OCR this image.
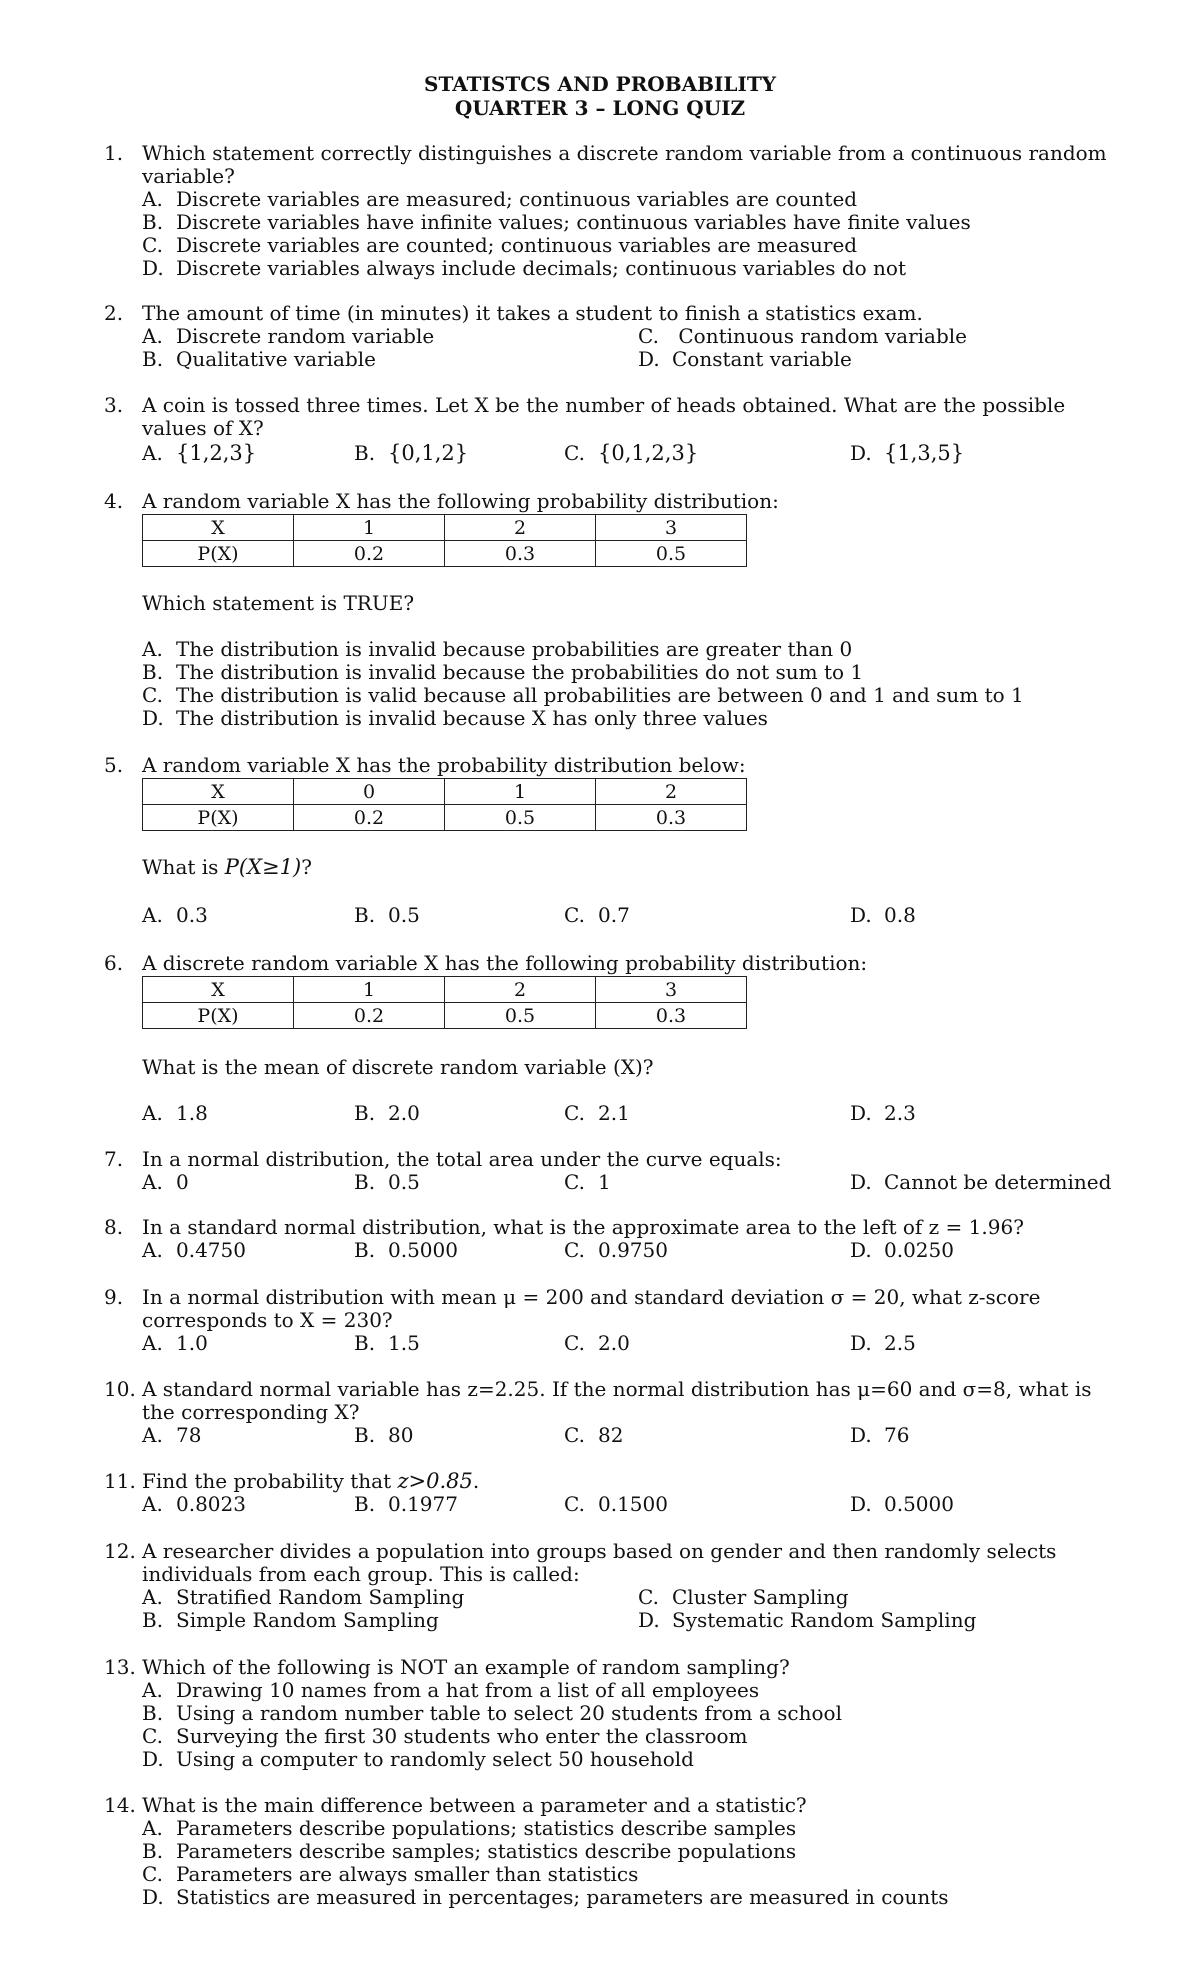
STATISTCS AND PROBABILITY
QUARTER 3 – LONG QUIZ
1. Which statement correctly distinguishes a discrete random variable from a continuous random variable?
A. Discrete variables are measured; continuous variables are counted
B. Discrete variables have infinite values; continuous variables have finite values
C. Discrete variables are counted; continuous variables are measured
D. Discrete variables always include decimals; continuous variables do not
2. The amount of time (in minutes) it takes a student to finish a statistics exam.
A. Discrete random variable	C. Continuous random variable
B. Qualitative variable	D. Constant variable
3. A coin is tossed three times. Let X be the number of heads obtained. What are the possible values of X?
A. {1,2,3}	B. {0,1,2}	C. {0,1,2,3}	D. {1,3,5}
4. A random variable X has the following probability distribution:
X	1	2	3
P(X)	0.2	0.3	0.5
Which statement is TRUE?
A. The distribution is invalid because probabilities are greater than 0
B. The distribution is invalid because the probabilities do not sum to 1
C. The distribution is valid because all probabilities are between 0 and 1 and sum to 1
D. The distribution is invalid because X has only three values
5. A random variable X has the probability distribution below:
X	0	1	2
P(X)	0.2	0.5	0.3
What is P(X≥1)?
A. 0.3	B. 0.5	C. 0.7	D. 0.8
6. A discrete random variable X has the following probability distribution:
X	1	2	3
P(X)	0.2	0.5	0.3
What is the mean of discrete random variable (X)?
A. 1.8	B. 2.0	C. 2.1	D. 2.3
7. In a normal distribution, the total area under the curve equals:
A. 0	B. 0.5	C. 1	D. Cannot be determined
8. In a standard normal distribution, what is the approximate area to the left of z = 1.96?
A. 0.4750	B. 0.5000	C. 0.9750	D. 0.0250
9. In a normal distribution with mean μ = 200 and standard deviation σ = 20, what z-score corresponds to X = 230?
A. 1.0	B. 1.5	C. 2.0	D. 2.5
10. A standard normal variable has z=2.25. If the normal distribution has μ=60 and σ=8, what is the corresponding X?
A. 78	B. 80	C. 82	D. 76
11. Find the probability that z>0.85.
A. 0.8023	B. 0.1977	C. 0.1500	D. 0.5000
12. A researcher divides a population into groups based on gender and then randomly selects individuals from each group. This is called:
A. Stratified Random Sampling	C. Cluster Sampling
B. Simple Random Sampling	D. Systematic Random Sampling
13. Which of the following is NOT an example of random sampling?
A. Drawing 10 names from a hat from a list of all employees
B. Using a random number table to select 20 students from a school
C. Surveying the first 30 students who enter the classroom
D. Using a computer to randomly select 50 household
14. What is the main difference between a parameter and a statistic?
A. Parameters describe populations; statistics describe samples
B. Parameters describe samples; statistics describe populations
C. Parameters are always smaller than statistics
D. Statistics are measured in percentages; parameters are measured in counts
